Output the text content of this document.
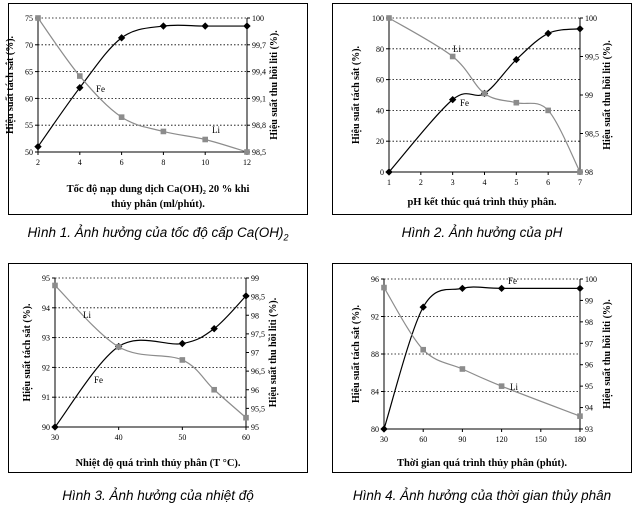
Hình 1. Ảnh hưởng của tốc độ cấp $Ca(OH)_2$	Hình 2. Ảnh hưởng của pH
Hình 3. Ảnh hưởng của nhiệt độ	Hình 4. Ảnh hưởng của thời gian thủy phân
50
55
60
65
70
75
98,5
98,8
99,1
99,4
99,7
100
2	4	6	8	10	12
Hiệu suất tách sắt (%).	Hiệu suất thu hồi liti (%).
Tốc độ nạp dung dịch Ca(OH)₂ 20 % khi
thủy phân (ml/phút).
Fe
Li
0
20
40
60
80
100
98
98,5
99
99,5
100
1	2	3	4	5	6	7
Hiệu suất tách sắt (%).	Hiệu suất thu hồi liti (%).
pH kết thúc quá trình thủy phân.
Fe
Li
90
91
92
93
94
95
95
95,5
96
96,5
97
97,5
98
98,5
99
30	40	50	60
Hiệu suất tách sắt (%).	Hiệu suất thu hồi liti (%).
Nhiệt độ quá trình thủy phân (T °C).
Fe
Li
80
84
88
92
96
93
94
95
96
97
98
99
100
30	60	90	120	150	180
Hiệu suất tách sắt (%).	Hiệu suất thu hồi liti (%).
Thời gian quá trình thủy phân (phút).
Fe
Li
